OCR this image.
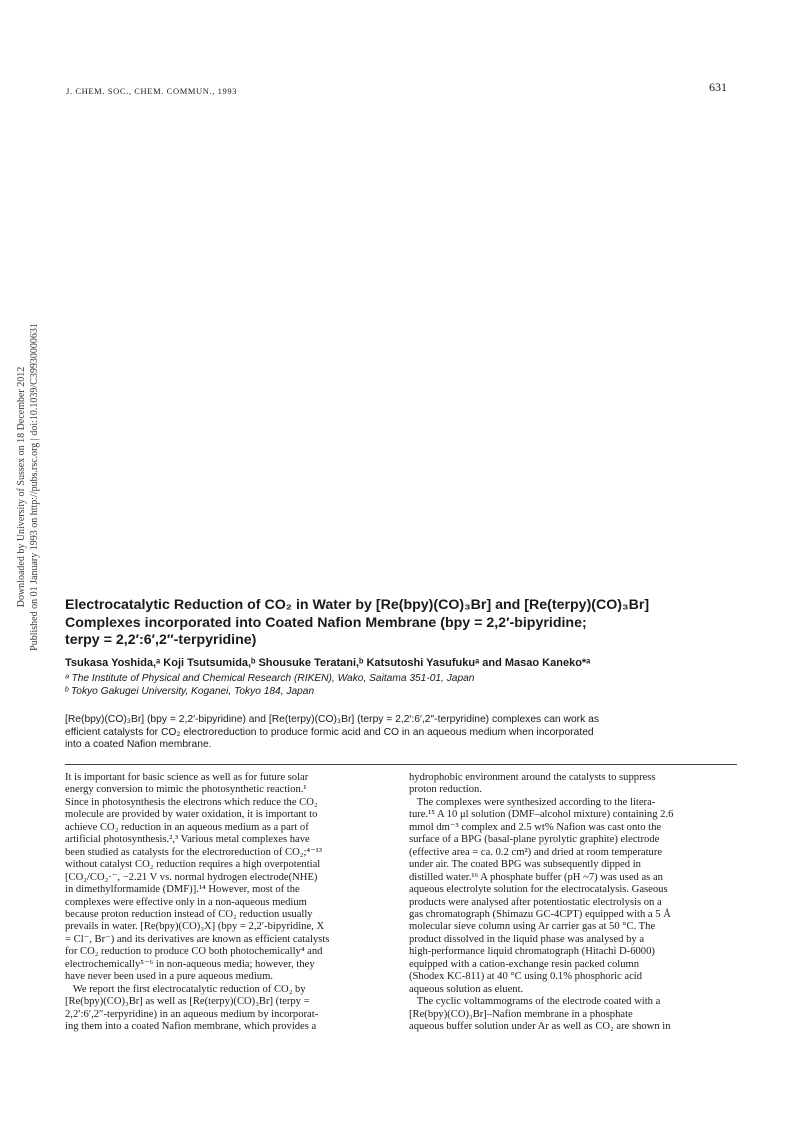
J. CHEM. SOC., CHEM. COMMUN., 1993	631
Downloaded by University of Sussex on 18 December 2012 Published on 01 January 1993 on http://pubs.rsc.org | doi:10.1039/C39930000631 Electrocatalytic Reduction of CO₂ in Water by [Re(bpy)(CO)₃Br] and [Re(terpy)(CO)₃Br]
Complexes incorporated into Coated Nafion Membrane (bpy = 2,2′-bipyridine;
terpy = 2,2′:6′,2″-terpyridine)
Tsukasa Yoshida,ᵃ Koji Tsutsumida,ᵇ Shousuke Teratani,ᵇ Katsutoshi Yasufukuᵃ and Masao Kaneko*ᵃ
ᵃ The Institute of Physical and Chemical Research (RIKEN), Wako, Saitama 351-01, Japan
ᵇ Tokyo Gakugei University, Koganei, Tokyo 184, Japan
[Re(bpy)(CO)₃Br] (bpy = 2,2′-bipyridine) and [Re(terpy)(CO)₃Br] (terpy = 2,2′:6′,2″-terpyridine) complexes can work as
efficient catalysts for CO₂ electroreduction to produce formic acid and CO in an aqueous medium when incorporated
into a coated Nafion membrane.
It is important for basic science as well as for future solar
energy conversion to mimic the photosynthetic reaction.¹
Since in photosynthesis the electrons which reduce the CO₂
molecule are provided by water oxidation, it is important to
achieve CO₂ reduction in an aqueous medium as a part of
artificial photosynthesis.²,³ Various metal complexes have
been studied as catalysts for the electroreduction of CO₂;⁴⁻¹³
without catalyst CO₂ reduction requires a high overpotential
[CO₂/CO₂·⁻, −2.21 V vs. normal hydrogen electrode(NHE)
in dimethylformamide (DMF)].¹⁴ However, most of the
complexes were effective only in a non-aqueous medium
because proton reduction instead of CO₂ reduction usually
prevails in water. [Re(bpy)(CO)₃X] (bpy = 2,2′-bipyridine, X
= Cl⁻, Br⁻) and its derivatives are known as efficient catalysts
for CO₂ reduction to produce CO both photochemically⁴ and
electrochemically⁵⁻⁶ in non-aqueous media; however, they
have never been used in a pure aqueous medium.
We report the first electrocatalytic reduction of CO₂ by
[Re(bpy)(CO)₃Br] as well as [Re(terpy)(CO)₃Br] (terpy =
2,2′:6′,2″-terpyridine) in an aqueous medium by incorporat-
ing them into a coated Nafion membrane, which provides a
hydrophobic environment around the catalysts to suppress
proton reduction.
The complexes were synthesized according to the litera-
ture.¹⁵ A 10 μl solution (DMF–alcohol mixture) containing 2.6
mmol dm⁻³ complex and 2.5 wt% Nafion was cast onto the
surface of a BPG (basal-plane pyrolytic graphite) electrode
(effective area = ca. 0.2 cm²) and dried at room temperature
under air. The coated BPG was subsequently dipped in
distilled water.¹⁶ A phosphate buffer (pH ~7) was used as an
aqueous electrolyte solution for the electrocatalysis. Gaseous
products were analysed after potentiostatic electrolysis on a
gas chromatograph (Shimazu GC-4CPT) equipped with a 5 Å
molecular sieve column using Ar carrier gas at 50 °C. The
product dissolved in the liquid phase was analysed by a
high-performance liquid chromatograph (Hitachi D-6000)
equipped with a cation-exchange resin packed column
(Shodex KC-811) at 40 °C using 0.1% phosphoric acid
aqueous solution as eluent.
The cyclic voltammograms of the electrode coated with a
[Re(bpy)(CO)₃Br]–Nafion membrane in a phosphate
aqueous buffer solution under Ar as well as CO₂ are shown in
